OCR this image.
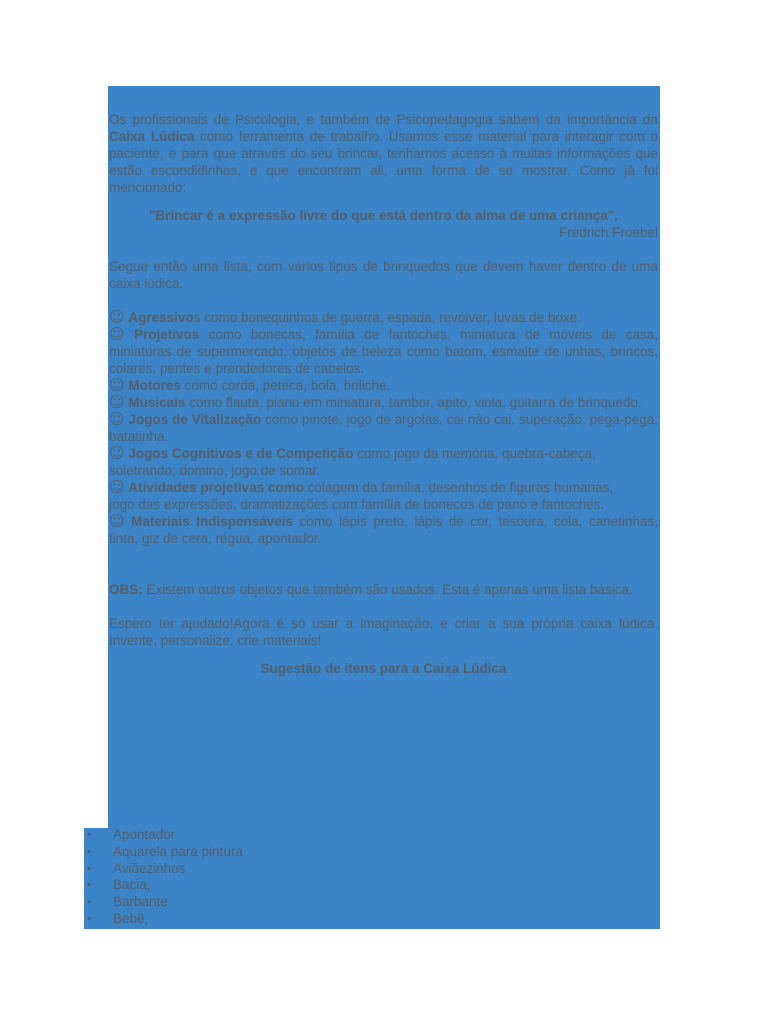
Os profissionais de Psicologia, e também de Psicopedagogia sabem da importância da Caixa Lúdica como ferramenta de trabalho. Usamos esse material para interagir com o paciente, e para que através do seu brincar, tenhamos acesso à muitas informações que estão escondidinhas, e que encontram ali, uma forma de se mostrar. Como já foi mencionado:

"Brincar é a expressão livre do que está dentro da alma de uma criança".

Fredrich Froebel

Segue então uma lista, com vários tipos de brinquedos que devem haver dentro de uma caixa lúdica.

☺ Agressivos como bonequinhos de guerra, espada, revólver, luvas de boxe.

☺ Projetivos como bonecas, família de fantoches, miniatura de móveis de casa, miniaturas de supermercado, objetos de beleza como batom, esmalte de unhas, brincos, colares, pentes e prendedores de cabelos.

☺ Motores como corda, peteca, bola, boliche.

☺ Musicais como flauta, piano em miniatura, tambor, apito, viola, guitarra de brinquedo.

☺ Jogos de Vitalização como pinote, jogo de argolas, cai não cai, superação, pega-pega, batatinha.

☺ Jogos Cognitivos e de Competição como jogo da memória, quebra-cabeça,

soletrando, dominó, jogo de somar.

☺ Atividades projetivas como colagem da família, desenhos de figuras humanas,

jogo das expressões, dramatizações com família de bonecos de pano e fantoches.

☺ Materiais Indispensáveis como lápis preto, lápis de cor, tesoura, cola, canetinhas, tinta, giz de cera, régua, apontador.

OBS: Existem outros objetos que também são usados. Esta é apenas uma lista básica.

Espero ter ajudado!Agora é só usar a imaginação, e criar a sua própria caixa lúdica. Invente, personalize, crie materiais!

Sugestão de itens para a Caixa Lúdica

• Apontador
• Aquarela para pintura
• Aviõezinhos
• Bacia,
• Barbante
• Bebê,
